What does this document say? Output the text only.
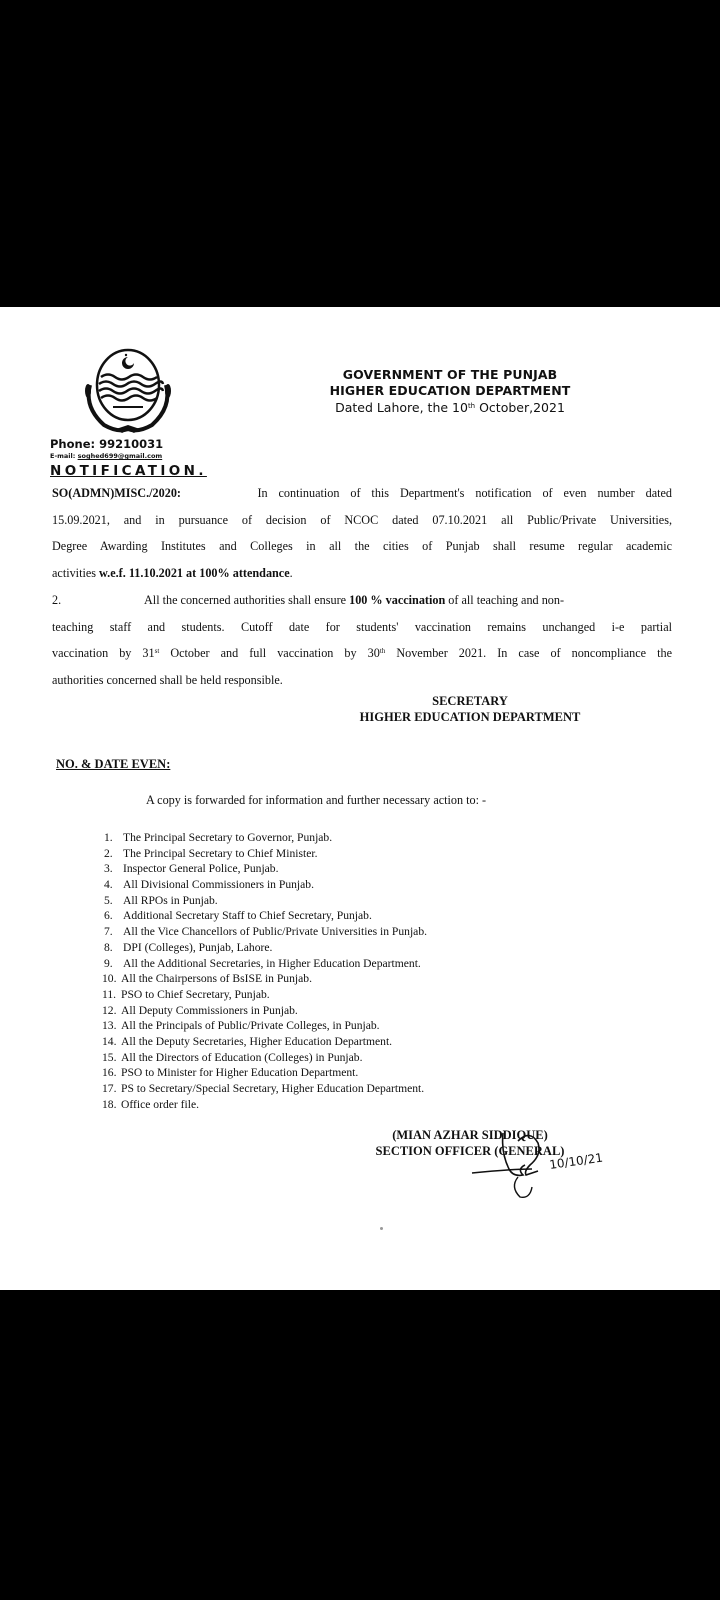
GOVERNMENT OF THE PUNJAB
HIGHER EDUCATION DEPARTMENT
Dated Lahore, the 10th October,2021
Phone: 99210031
E-mail: soghed699@gmail.com
NOTIFICATION.
SO(ADMN)MISC./2020:	In continuation of this Department's notification of even number dated
15.09.2021, and in pursuance of decision of NCOC dated 07.10.2021 all Public/Private Universities,
Degree Awarding Institutes and Colleges in all the cities of Punjab shall resume regular academic
activities w.e.f. 11.10.2021 at 100% attendance.
2.	All the concerned authorities shall ensure 100 % vaccination of all teaching and non-
teaching staff and students. Cutoff date for students' vaccination remains unchanged i-e partial
vaccination by 31st October and full vaccination by 30th November 2021. In case of noncompliance the
authorities concerned shall be held responsible.
SECRETARY
HIGHER EDUCATION DEPARTMENT
NO. & DATE EVEN:
A copy is forwarded for information and further necessary action to: -
1. The Principal Secretary to Governor, Punjab.
2. The Principal Secretary to Chief Minister.
3. Inspector General Police, Punjab.
4. All Divisional Commissioners in Punjab.
5. All RPOs in Punjab.
6. Additional Secretary Staff to Chief Secretary, Punjab.
7. All the Vice Chancellors of Public/Private Universities in Punjab.
8. DPI (Colleges), Punjab, Lahore.
9. All the Additional Secretaries, in Higher Education Department.
10. All the Chairpersons of BsISE in Punjab.
11. PSO to Chief Secretary, Punjab.
12. All Deputy Commissioners in Punjab.
13. All the Principals of Public/Private Colleges, in Punjab.
14. All the Deputy Secretaries, Higher Education Department.
15. All the Directors of Education (Colleges) in Punjab.
16. PSO to Minister for Higher Education Department.
17. PS to Secretary/Special Secretary, Higher Education Department.
18. Office order file.
10/10/21
(MIAN AZHAR SIDDIQUE)
SECTION OFFICER (GENERAL)
